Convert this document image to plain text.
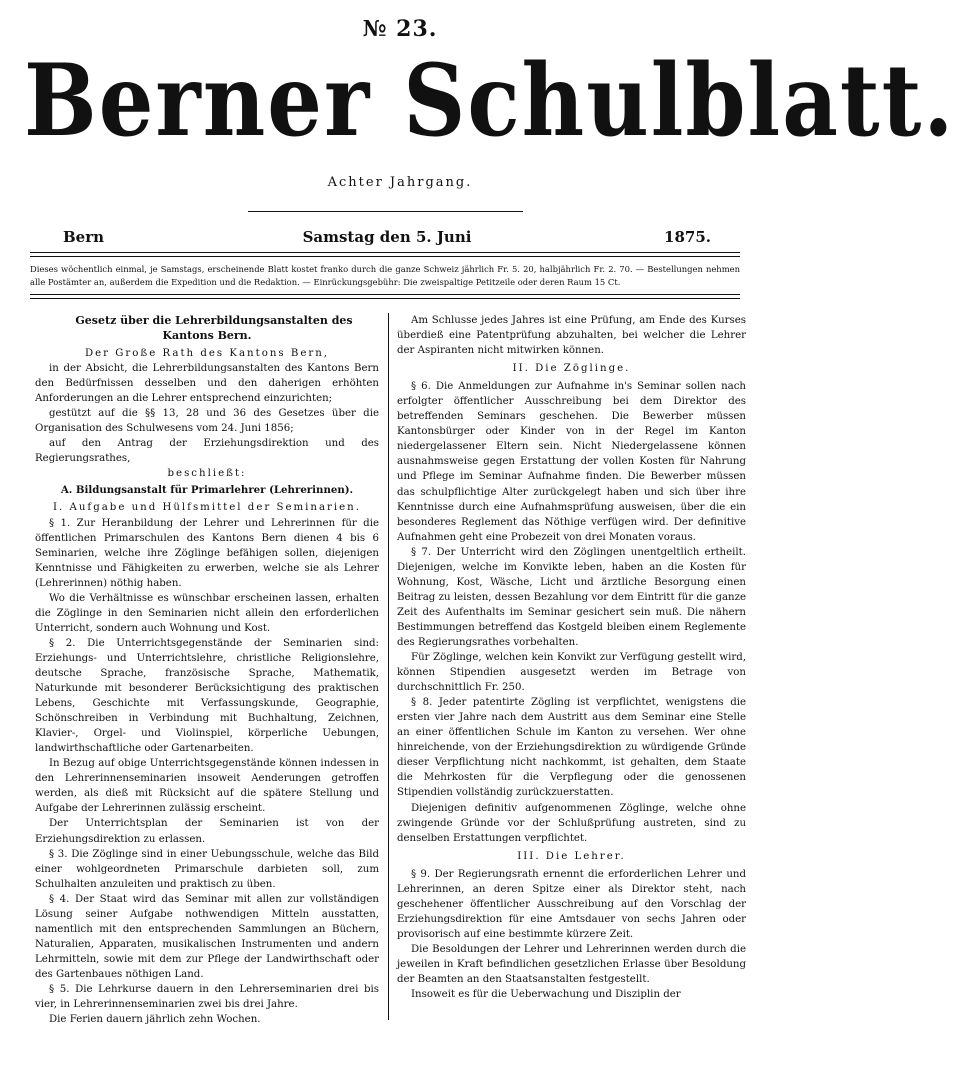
№ 23.
Berner Schulblatt.
Achter Jahrgang.
Bern	Samstag den 5. Juni	1875.
Dieses wöchentlich einmal, je Samstags, erscheinende Blatt kostet franko durch die ganze Schweiz jährlich Fr. 5. 20, halbjährlich Fr. 2. 70. — Bestellungen nehmen alle Postämter an, außerdem die Expedition und die Redaktion. — Einrückungsgebühr: Die zweispaltige Petitzeile oder deren Raum 15 Ct.

Gesetz über die Lehrerbildungsanstalten des Kantons Bern.

Der Große Rath des Kantons Bern,

in der Absicht, die Lehrerbildungsanstalten des Kantons Bern den Bedürfnissen desselben und den daherigen erhöhten Anforderungen an die Lehrer entsprechend einzurichten;

gestützt auf die §§ 13, 28 und 36 des Gesetzes über die Organisation des Schulwesens vom 24. Juni 1856;

auf den Antrag der Erziehungsdirektion und des Regierungsrathes,

beschließt:

A. Bildungsanstalt für Primarlehrer (Lehrerinnen).

I. Aufgabe und Hülfsmittel der Seminarien.

§ 1. Zur Heranbildung der Lehrer und Lehrerinnen für die öffentlichen Primarschulen des Kantons Bern dienen 4 bis 6 Seminarien, welche ihre Zöglinge befähigen sollen, diejenigen Kenntnisse und Fähigkeiten zu erwerben, welche sie als Lehrer (Lehrerinnen) nöthig haben.

Wo die Verhältnisse es wünschbar erscheinen lassen, erhalten die Zöglinge in den Seminarien nicht allein den erforderlichen Unterricht, sondern auch Wohnung und Kost.

§ 2. Die Unterrichtsgegenstände der Seminarien sind: Erziehungs- und Unterrichtslehre, christliche Religionslehre, deutsche Sprache, französische Sprache, Mathematik, Naturkunde mit besonderer Berücksichtigung des praktischen Lebens, Geschichte mit Verfassungskunde, Geographie, Schönschreiben in Verbindung mit Buchhaltung, Zeichnen, Klavier-, Orgel- und Violinspiel, körperliche Uebungen, landwirthschaftliche oder Gartenarbeiten.

In Bezug auf obige Unterrichtsgegenstände können indessen in den Lehrerinnenseminarien insoweit Aenderungen getroffen werden, als dieß mit Rücksicht auf die spätere Stellung und Aufgabe der Lehrerinnen zulässig erscheint.

Der Unterrichtsplan der Seminarien ist von der Erziehungsdirektion zu erlassen.

§ 3. Die Zöglinge sind in einer Uebungsschule, welche das Bild einer wohlgeordneten Primarschule darbieten soll, zum Schulhalten anzuleiten und praktisch zu üben.

§ 4. Der Staat wird das Seminar mit allen zur vollständigen Lösung seiner Aufgabe nothwendigen Mitteln ausstatten, namentlich mit den entsprechenden Sammlungen an Büchern, Naturalien, Apparaten, musikalischen Instrumenten und andern Lehrmitteln, sowie mit dem zur Pflege der Landwirthschaft oder des Gartenbaues nöthigen Land.

§ 5. Die Lehrkurse dauern in den Lehrerseminarien drei bis vier, in Lehrerinnenseminarien zwei bis drei Jahre.

Die Ferien dauern jährlich zehn Wochen.

Am Schlusse jedes Jahres ist eine Prüfung, am Ende des Kurses überdieß eine Patentprüfung abzuhalten, bei welcher die Lehrer der Aspiranten nicht mitwirken können.

II. Die Zöglinge.

§ 6. Die Anmeldungen zur Aufnahme in's Seminar sollen nach erfolgter öffentlicher Ausschreibung bei dem Direktor des betreffenden Seminars geschehen. Die Bewerber müssen Kantonsbürger oder Kinder von in der Regel im Kanton niedergelassener Eltern sein. Nicht Niedergelassene können ausnahmsweise gegen Erstattung der vollen Kosten für Nahrung und Pflege im Seminar Aufnahme finden. Die Bewerber müssen das schulpflichtige Alter zurückgelegt haben und sich über ihre Kenntnisse durch eine Aufnahmsprüfung ausweisen, über die ein besonderes Reglement das Nöthige verfügen wird. Der definitive Aufnahmen geht eine Probezeit von drei Monaten voraus.

§ 7. Der Unterricht wird den Zöglingen unentgeltlich ertheilt. Diejenigen, welche im Konvikte leben, haben an die Kosten für Wohnung, Kost, Wäsche, Licht und ärztliche Besorgung einen Beitrag zu leisten, dessen Bezahlung vor dem Eintritt für die ganze Zeit des Aufenthalts im Seminar gesichert sein muß. Die nähern Bestimmungen betreffend das Kostgeld bleiben einem Reglemente des Regierungsrathes vorbehalten.

Für Zöglinge, welchen kein Konvikt zur Verfügung gestellt wird, können Stipendien ausgesetzt werden im Betrage von durchschnittlich Fr. 250.

§ 8. Jeder patentirte Zögling ist verpflichtet, wenigstens die ersten vier Jahre nach dem Austritt aus dem Seminar eine Stelle an einer öffentlichen Schule im Kanton zu versehen. Wer ohne hinreichende, von der Erziehungsdirektion zu würdigende Gründe dieser Verpflichtung nicht nachkommt, ist gehalten, dem Staate die Mehrkosten für die Verpflegung oder die genossenen Stipendien vollständig zurückzuerstatten.

Diejenigen definitiv aufgenommenen Zöglinge, welche ohne zwingende Gründe vor der Schlußprüfung austreten, sind zu denselben Erstattungen verpflichtet.

III. Die Lehrer.

§ 9. Der Regierungsrath ernennt die erforderlichen Lehrer und Lehrerinnen, an deren Spitze einer als Direktor steht, nach geschehener öffentlicher Ausschreibung auf den Vorschlag der Erziehungsdirektion für eine Amtsdauer von sechs Jahren oder provisorisch auf eine bestimmte kürzere Zeit.

Die Besoldungen der Lehrer und Lehrerinnen werden durch die jeweilen in Kraft befindlichen gesetzlichen Erlasse über Besoldung der Beamten an den Staatsanstalten festgestellt.

Insoweit es für die Ueberwachung und Disziplin der
